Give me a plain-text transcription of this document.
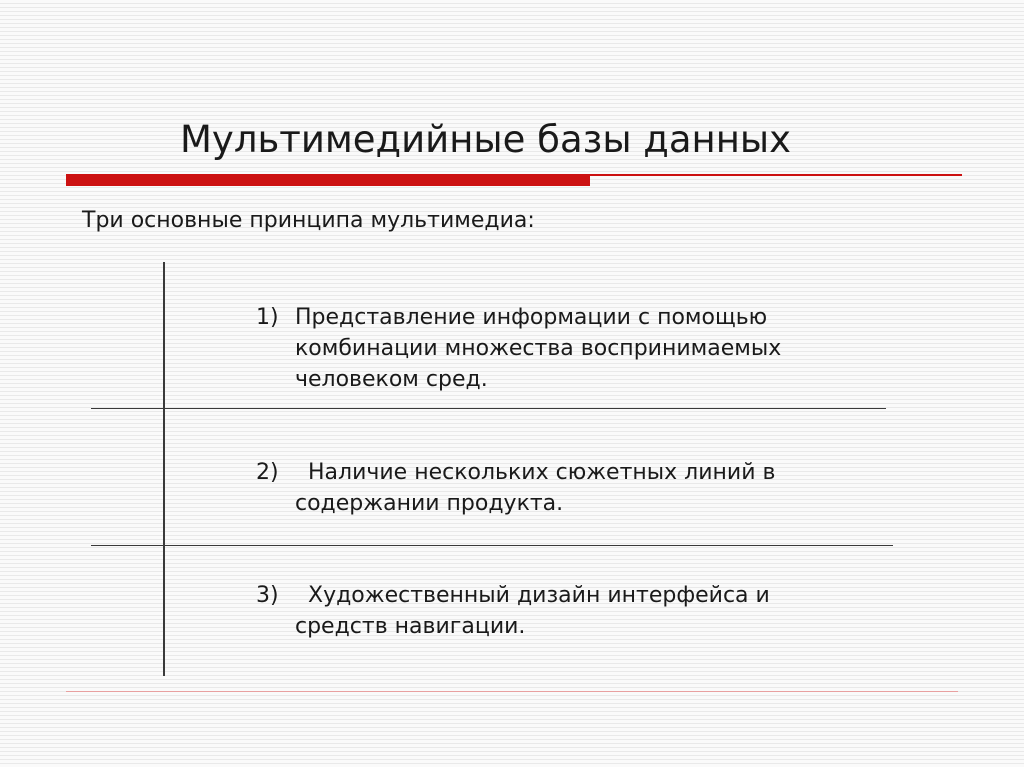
Мультимедийные базы данных
Три основные принципа мультимедиа:
1) Представление информации с помощью
комбинации множества воспринимаемых
человеком сред.
2)	Наличие нескольких сюжетных линий в
содержании продукта.
3)	Художественный дизайн интерфейса и
средств навигации.
